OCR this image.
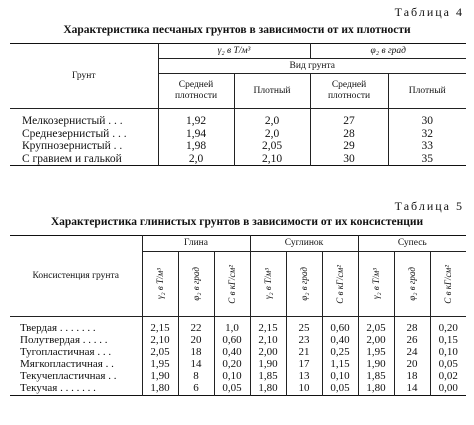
Таблица 4
Характеристика песчаных грунтов в зависимости от их плотности
Грунт	γ₂ в Т/м³		φ₂ в град	
	Вид грунта			
	Средней плотности	Плотный	Средней плотности	Плотный

Мелкозернистый . . .	1,92	2,0	27	30
Среднезернистый . . .	1,94	2,0	28	32
Крупнозернистый . .	1,98	2,05	29	33
С гравием и галькой	2,0	2,10	30	35
Таблица 5
Характеристика глинистых грунтов в зависимости от их консистенции
Консистенция грунта	Глина			Суглинок			Супесь		

	γ₂ в Т/м³	φ₂ в град	C в кГ/см²	γ₂ в Т/м³	φ₂ в град	C в кГ/см²	γ₂ в Т/м³	φ₂ в град	C в кГ/см²

Твердая . . . . . . .	2,15	22	1,0	2,15	25	0,60	2,05	28	0,20
Полутвердая . . . . .	2,10	20	0,60	2,10	23	0,40	2,00	26	0,15
Тугопластичная . . .	2,05	18	0,40	2,00	21	0,25	1,95	24	0,10
Мягкопластичная . .	1,95	14	0,20	1,90	17	1,15	1,90	20	0,05
Текучепластичная . .	1,90	8	0,10	1,85	13	0,10	1,85	18	0,02
Текучая . . . . . . .	1,80	6	0,05	1,80	10	0,05	1,80	14	0,00
